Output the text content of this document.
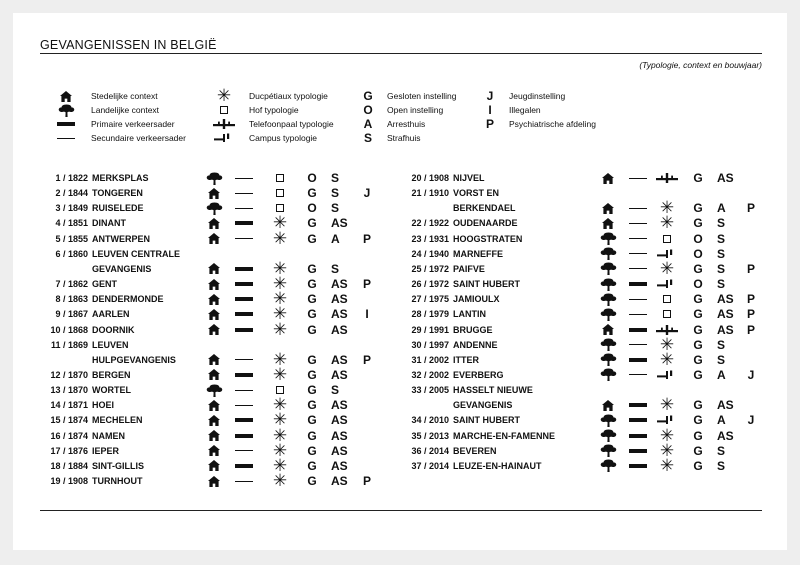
GEVANGENISSEN IN BELGIË
(Typologie, context en bouwjaar)
Stedelijke context
Landelijke context
Primaire verkeersader
Secundaire verkeersader
✳ Ducpétiaux typologie
Hof typologie
Telefoonpaal typologie
Campus typologie
G	Gesloten instelling
O	Open instelling
A	Arresthuis
S	Strafhuis
J	Jeugdinstelling
I	Illegalen
P	Psychiatrische afdeling
1 / 1822 MERKSPLAS	O	S
2 / 1844 TONGEREN	G	S	J
3 / 1849 RUISELEDE	O	S
4 / 1851 DINANT	✳	G	AS
5 / 1855 ANTWERPEN	✳	G	A	P
6 / 1860 LEUVEN CENTRALE
GEVANGENIS	✳	G	S
7 / 1862 GENT	✳	G	AS	P
8 / 1863 DENDERMONDE	✳	G	AS
9 / 1867 AARLEN	✳	G	AS	I
10 / 1868 DOORNIK	✳	G	AS
11 / 1869 LEUVEN
HULPGEVANGENIS	✳	G	AS	P
12 / 1870 BERGEN	✳	G	AS
13 / 1870 WORTEL	G	S
14 / 1871 HOEI	✳	G	AS
15 / 1874 MECHELEN	✳	G	AS
16 / 1874 NAMEN	✳	G	AS
17 / 1876 IEPER	✳	G	AS
18 / 1884 SINT-GILLIS	✳	G	AS
19 / 1908 TURNHOUT	✳	G	AS	P
20 / 1908 NIJVEL	G	AS
21 / 1910 VORST EN
BERKENDAEL	✳	G	A	P
22 / 1922 OUDENAARDE	✳	G	S
23 / 1931 HOOGSTRATEN	O	S
24 / 1940 MARNEFFE	O	S
25 / 1972 PAIFVE	✳	G	S	P
26 / 1972 SAINT HUBERT	O	S
27 / 1975 JAMIOULX	G	AS	P
28 / 1979 LANTIN	G	AS	P
29 / 1991 BRUGGE	G	AS	P
30 / 1997 ANDENNE	✳	G	S
31 / 2002 ITTER	✳	G	S
32 / 2002 EVERBERG	G	A	J
33 / 2005 HASSELT NIEUWE
GEVANGENIS	✳	G	AS
34 / 2010 SAINT HUBERT	G	A	J
35 / 2013 MARCHE-EN-FAMENNE	✳	G	AS
36 / 2014 BEVEREN	✳	G	S
37 / 2014 LEUZE-EN-HAINAUT	✳	G	S
